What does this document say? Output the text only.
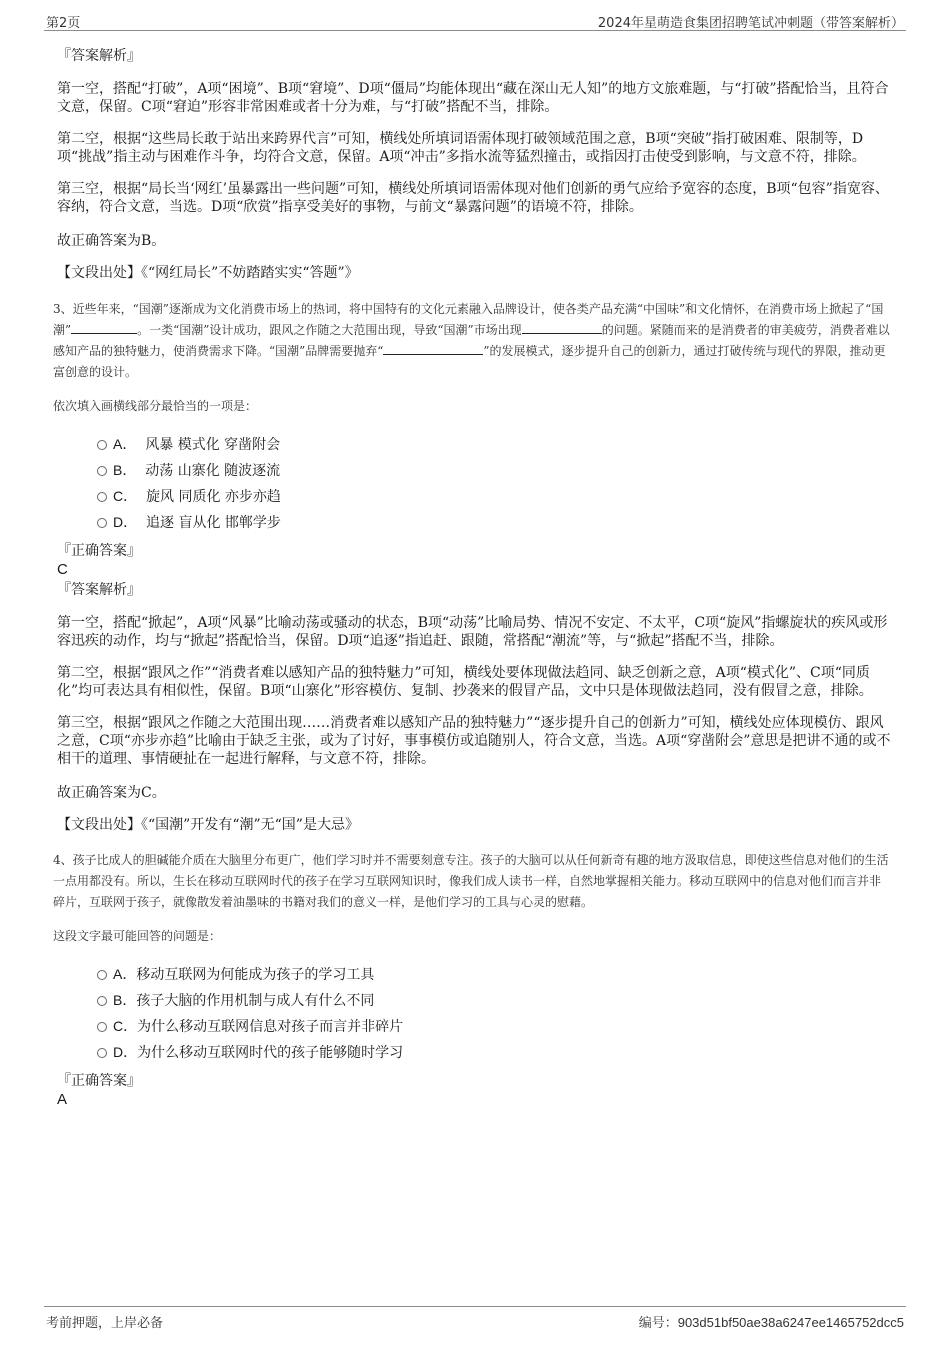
第2页	2024年星萌造食集团招聘笔试冲刺题（带答案解析）

『答案解析』

第一空，搭配“打破”，A项“困境”、B项“窘境”、D项“僵局”均能体现出“藏在深山无人知”的地方文旅难题，与“打破”搭配恰当，且符合文意，保留。C项“窘迫”形容非常困难或者十分为难，与“打破”搭配不当，排除。

第二空，根据“这些局长敢于站出来跨界代言”可知，横线处所填词语需体现打破领域范围之意，B项“突破”指打破困难、限制等，D项“挑战”指主动与困难作斗争，均符合文意，保留。A项“冲击”多指水流等猛烈撞击，或指因打击使受到影响，与文意不符，排除。

第三空，根据“局长当‘网红’虽暴露出一些问题”可知，横线处所填词语需体现对他们创新的勇气应给予宽容的态度，B项“包容”指宽容、容纳，符合文意，当选。D项“欣赏”指享受美好的事物，与前文“暴露问题”的语境不符，排除。

故正确答案为B。

【文段出处】《“网红局长”不妨踏踏实实“答题”》

3、近些年来，“国潮”逐渐成为文化消费市场上的热词，将中国特有的文化元素融入品牌设计，使各类产品充满“中国味”和文化情怀，在消费市场上掀起了“国潮”	。一类“国潮”设计成功，跟风之作随之大范围出现，导致“国潮”市场出现	的问题。紧随而来的是消费者的审美疲劳，消费者难以感知产品的独特魅力，使消费需求下降。“国潮”品牌需要抛弃“	”的发展模式，逐步提升自己的创新力，通过打破传统与现代的界限，推动更富创意的设计。

依次填入画横线部分最恰当的一项是：

A． 风暴 模式化 穿凿附会
B． 动荡 山寨化 随波逐流
C． 旋风 同质化 亦步亦趋
D． 追逐 盲从化 邯郸学步

『正确答案』

C

『答案解析』

第一空，搭配“掀起”，A项“风暴”比喻动荡或骚动的状态，B项“动荡”比喻局势、情况不安定、不太平，C项“旋风”指螺旋状的疾风或形容迅疾的动作，均与“掀起”搭配恰当，保留。D项“追逐”指追赶、跟随，常搭配“潮流”等，与“掀起”搭配不当，排除。

第二空，根据“跟风之作”“消费者难以感知产品的独特魅力”可知，横线处要体现做法趋同、缺乏创新之意，A项“模式化”、C项“同质化”均可表达具有相似性，保留。B项“山寨化”形容模仿、复制、抄袭来的假冒产品，文中只是体现做法趋同，没有假冒之意，排除。

第三空，根据“跟风之作随之大范围出现……消费者难以感知产品的独特魅力”“逐步提升自己的创新力”可知，横线处应体现模仿、跟风之意，C项“亦步亦趋”比喻由于缺乏主张，或为了讨好，事事模仿或追随别人，符合文意，当选。A项“穿凿附会”意思是把讲不通的或不相干的道理、事情硬扯在一起进行解释，与文意不符，排除。

故正确答案为C。

【文段出处】《“国潮”开发有“潮”无“国”是大忌》

4、孩子比成人的胆碱能介质在大脑里分布更广，他们学习时并不需要刻意专注。孩子的大脑可以从任何新奇有趣的地方汲取信息，即使这些信息对他们的生活一点用都没有。所以，生长在移动互联网时代的孩子在学习互联网知识时，像我们成人读书一样，自然地掌握相关能力。移动互联网中的信息对他们而言并非碎片，互联网于孩子，就像散发着油墨味的书籍对我们的意义一样，是他们学习的工具与心灵的慰藉。

这段文字最可能回答的问题是：

A．移动互联网为何能成为孩子的学习工具
B．孩子大脑的作用机制与成人有什么不同
C．为什么移动互联网信息对孩子而言并非碎片
D．为什么移动互联网时代的孩子能够随时学习

『正确答案』

A

考前押题，上岸必备	编号：903d51bf50ae38a6247ee1465752dcc5
